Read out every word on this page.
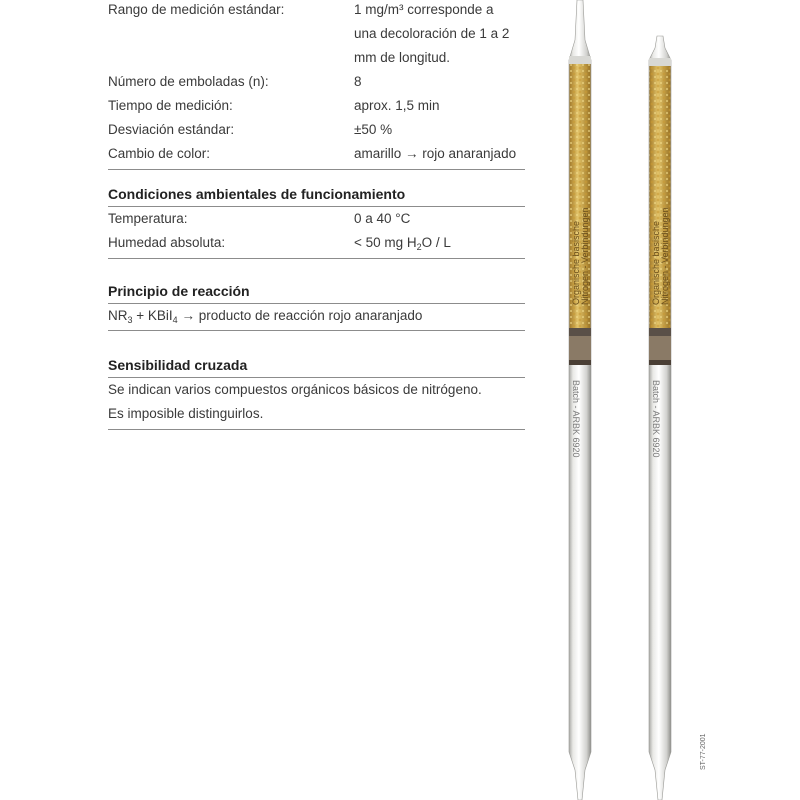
Rango de medición estándar:	1 mg/m³ corresponde a
una decoloración de 1 a 2
mm de longitud.
Número de emboladas (n):	8
Tiempo de medición:	aprox. 1,5 min
Desviación estándar:	±50 %
Cambio de color:	amarillo → rojo anaranjado
Condiciones ambientales de funcionamiento
Temperatura:	0 a 40 °C
Humedad absoluta:	< 50 mg $H_2O$ / L
Principio de reacción
$NR_3$ + KBiI$_4$ → producto de reacción rojo anaranjado
Sensibilidad cruzada
Se indican varios compuestos orgánicos básicos de nitrógeno.
Es imposible distinguirlos.
Organische basische Nitrogen - Verbindungen
Batch - ARBK 6920
Organische basische Nitrogen - Verbindungen
Batch - ARBK 6920
ST-77-2001
